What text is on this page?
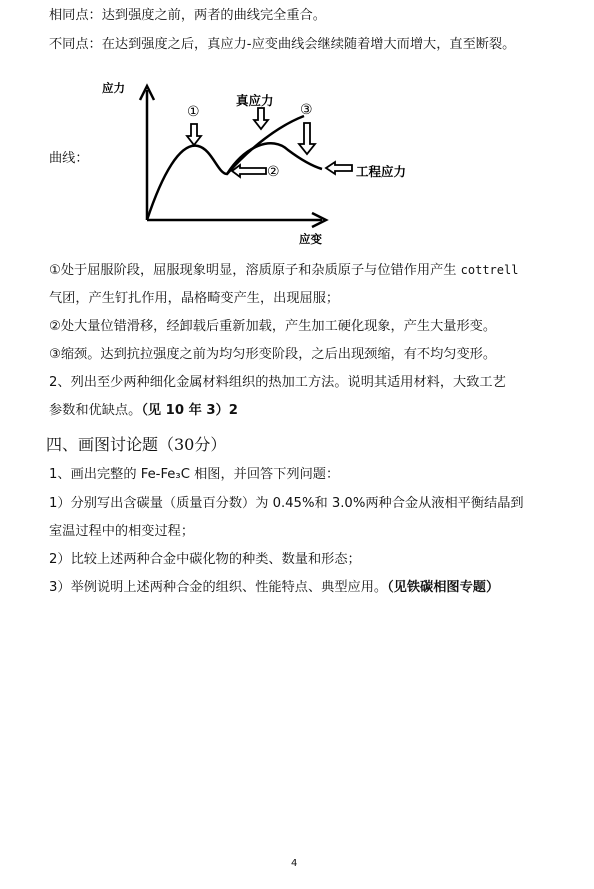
相同点：达到强度之前，两者的曲线完全重合。
不同点：在达到强度之后，真应力-应变曲线会继续随着增大而增大，直至断裂。
曲线：
应力
应变
真应力
工程应力
①
②
③
①处于屈服阶段，屈服现象明显，溶质原子和杂质原子与位错作用产生 cottrell
气团，产生钉扎作用，晶格畸变产生，出现屈服；
②处大量位错滑移，经卸载后重新加载，产生加工硬化现象，产生大量形变。
③缩颈。达到抗拉强度之前为均匀形变阶段，之后出现颈缩，有不均匀变形。
2、列出至少两种细化金属材料组织的热加工方法。说明其适用材料，大致工艺
参数和优缺点。（见 10 年 3）2
四、画图讨论题（30分）
1、画出完整的 Fe-Fe₃C 相图，并回答下列问题：
1）分别写出含碳量（质量百分数）为 0.45%和 3.0%两种合金从液相平衡结晶到
室温过程中的相变过程；
2）比较上述两种合金中碳化物的种类、数量和形态；
3）举例说明上述两种合金的组织、性能特点、典型应用。（见铁碳相图专题）
4
